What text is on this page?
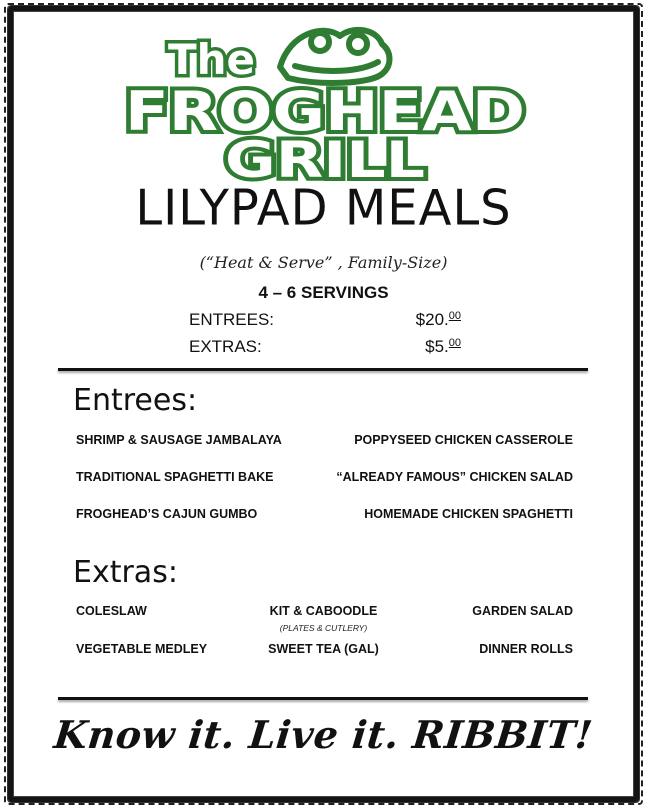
The
FROGHEAD
GRILL
LILYPAD MEALS
(“Heat & Serve” , Family-Size)
4 – 6 SERVINGS
ENTREES:	$20.00
EXTRAS:	$5.00
Entrees:
SHRIMP & SAUSAGE JAMBALAYA	POPPYSEED CHICKEN CASSEROLE
TRADITIONAL SPAGHETTI BAKE	“ALREADY FAMOUS” CHICKEN SALAD
FROGHEAD’S CAJUN GUMBO	HOMEMADE CHICKEN SPAGHETTI
Extras:
COLESLAW	KIT & CABOODLE
(PLATES & CUTLERY)
GARDEN SALAD
VEGETABLE MEDLEY	SWEET TEA (GAL)	DINNER ROLLS
Know it. Live it. RIBBIT!
